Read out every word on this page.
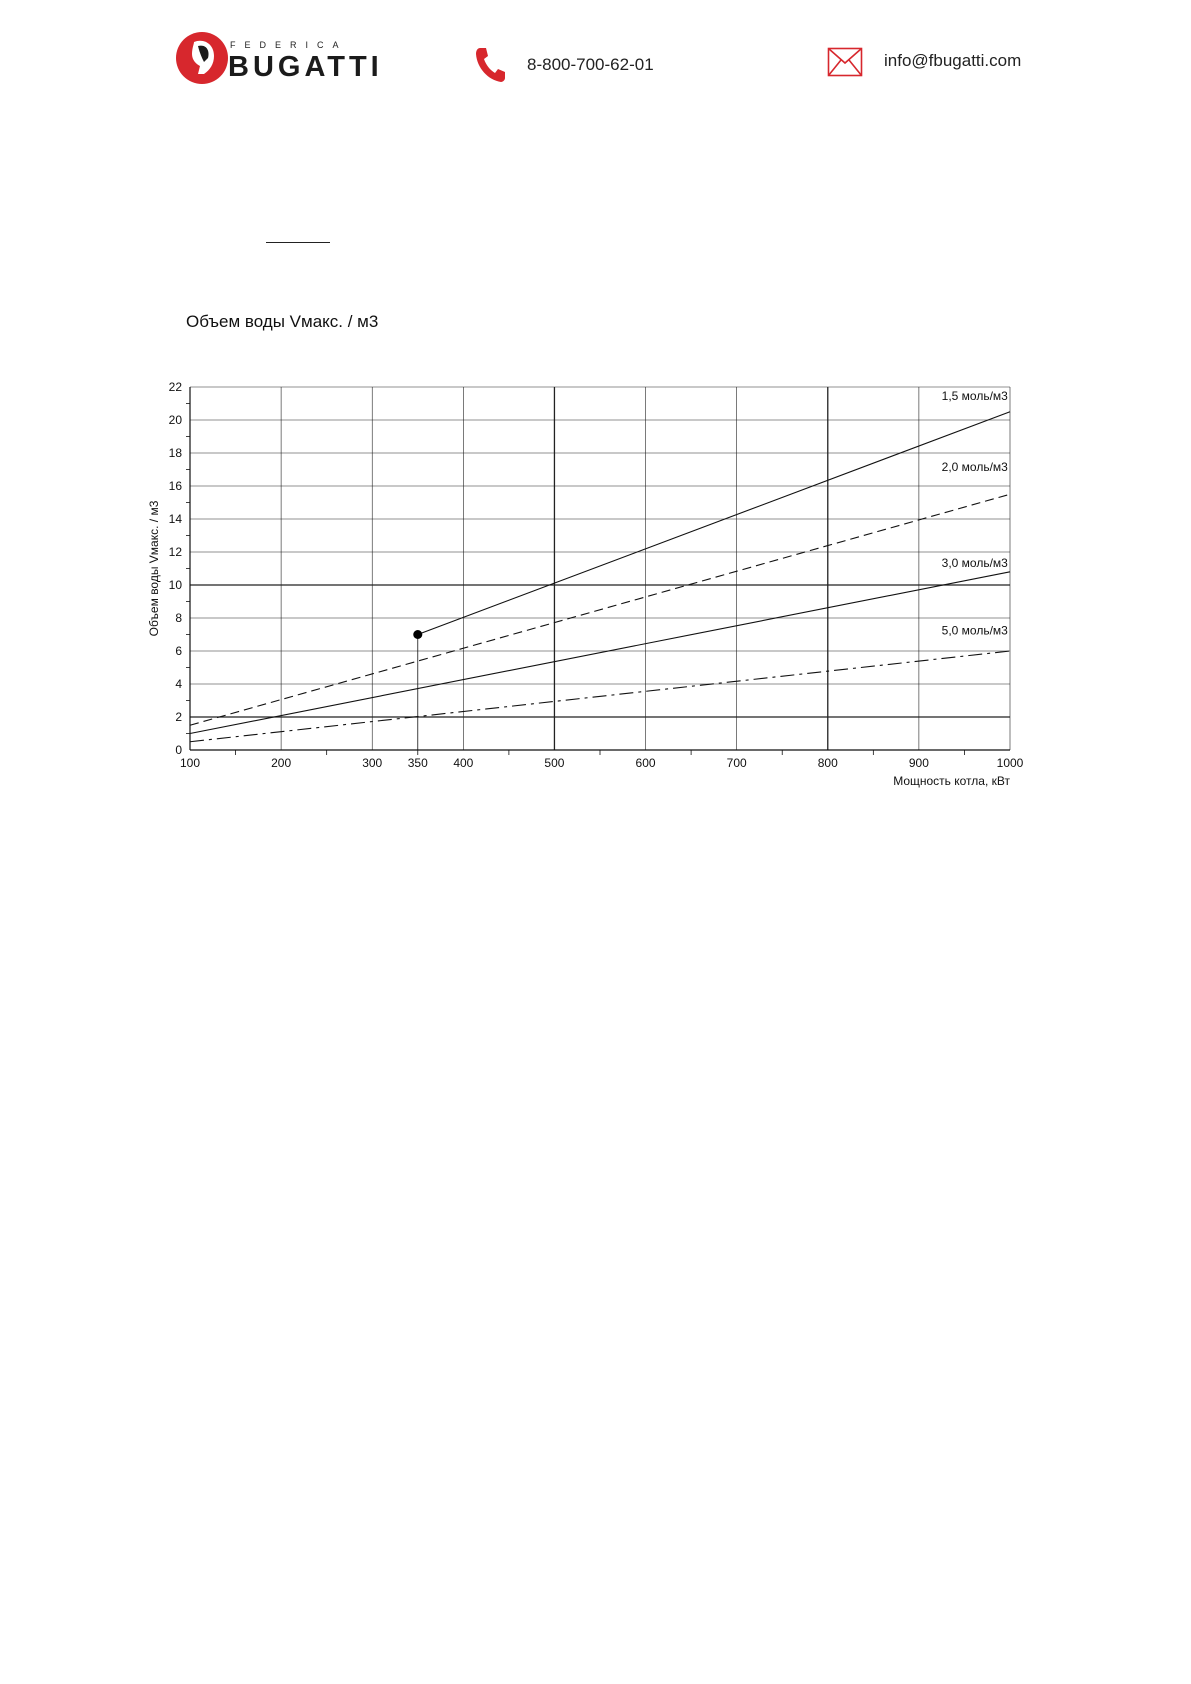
FEDERICA
BUGATTI	8-800-700-62-01	info@fbugatti.com
Объем воды Vмакс. / м3
0
2
4
6
8
10
12
14
16
18
20
22
100	200	300 350 400	500	600	700	800	900	1000
Мощность котла, кВт
Объем воды Vмакс. / м3
1,5 моль/м3
2,0 моль/м3
3,0 моль/м3
5,0 моль/м3
